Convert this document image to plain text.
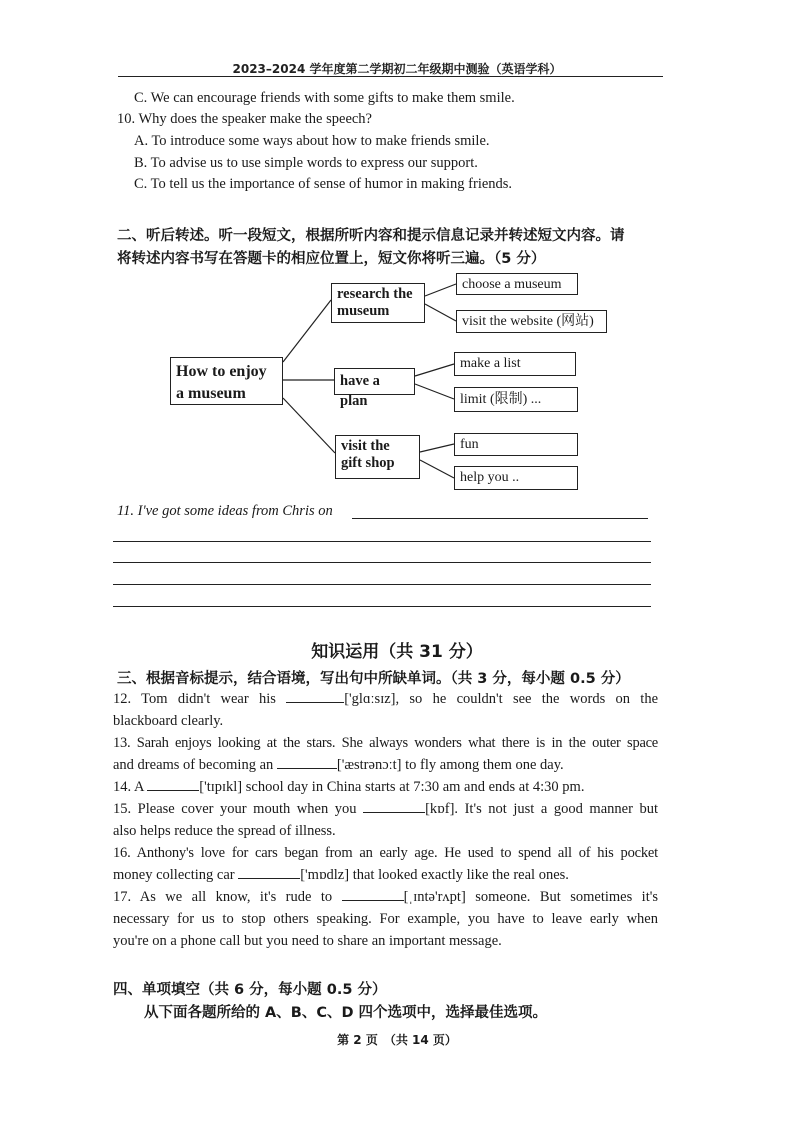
2023–2024 学年度第二学期初二年级期中测验（英语学科）
C. We can encourage friends with some gifts to make them smile.
10. Why does the speaker make the speech?
A. To introduce some ways about how to make friends smile.
B. To advise us to use simple words to express our support.
C. To tell us the importance of sense of humor in making friends.
二、听后转述。听一段短文，根据所听内容和提示信息记录并转述短文内容。请
将转述内容书写在答题卡的相应位置上，短文你将听三遍。（5 分）
How to enjoy a museum
research the museum
choose a museum
visit the website (网站)
have a plan
make a list
limit (限制) ...
visit the gift shop
fun
help you ..
11. I've got some ideas from Chris on
知识运用（共 31 分）
三、根据音标提示，结合语境，写出句中所缺单词。（共 3 分，每小题 0.5 分）
12. Tom didn't wear his	['glɑːsɪz], so he couldn't see the words on the
blackboard clearly.
13. Sarah enjoys looking at the stars. She always wonders what there is in the outer space
and dreams of becoming an	['æstrənɔːt] to fly among them one day.
14. A	['tɪpɪkl] school day in China starts at 7:30 am and ends at 4:30 pm.
15. Please cover your mouth when you	[kɒf]. It's not just a good manner but
also helps reduce the spread of illness.
16. Anthony's love for cars began from an early age. He used to spend all of his pocket
money collecting car	['mɒdlz] that looked exactly like the real ones.
17. As we all know, it's rude to	[ˌɪntə'rʌpt] someone. But sometimes it's
necessary for us to stop others speaking. For example, you have to leave early when
you're on a phone call but you need to share an important message.
四、单项填空（共 6 分，每小题 0.5 分）
从下面各题所给的 A、B、C、D 四个选项中，选择最佳选项。
第 2 页　（共 14 页）
